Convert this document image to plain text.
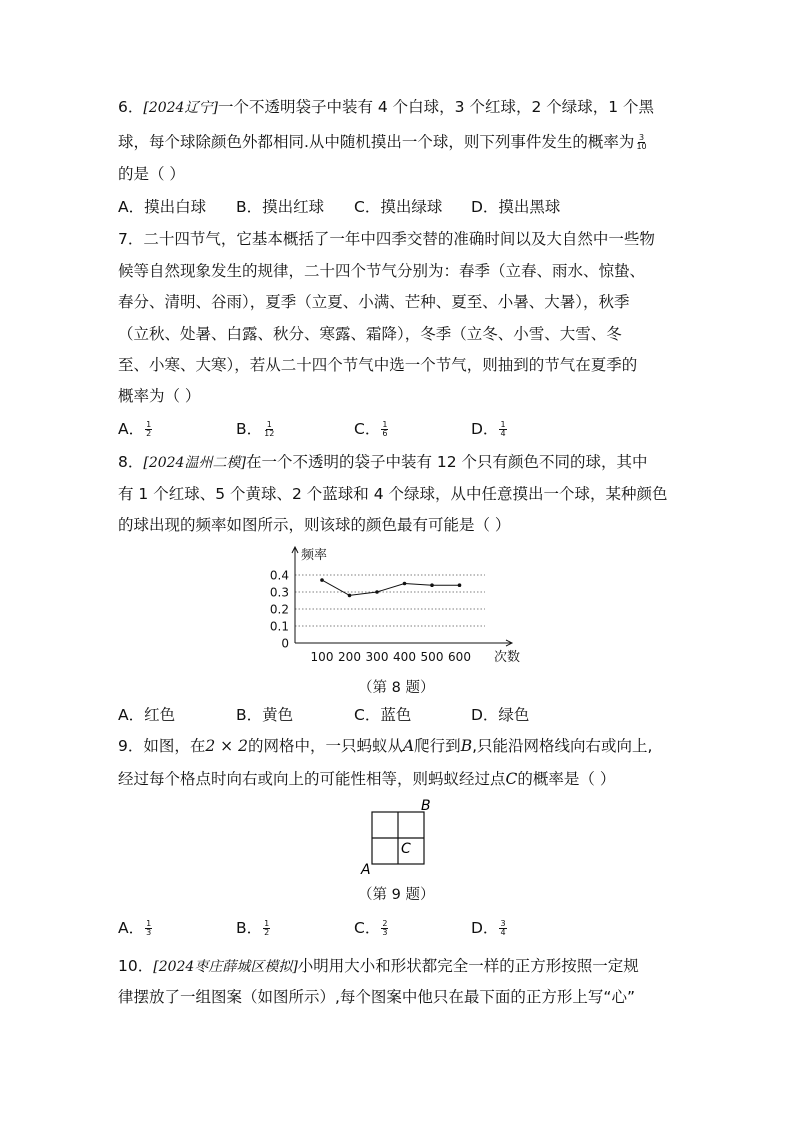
6．[2024辽宁]一个不透明袋子中装有 4 个白球，3 个红球，2 个绿球，1 个黑
球，每个球除颜色外都相同.从中随机摸出一个球，则下列事件发生的概率为 $\frac{3}{10}$
的是（ ）
A．摸出白球 B．摸出红球 C．摸出绿球 D．摸出黑球
7．二十四节气，它基本概括了一年中四季交替的准确时间以及大自然中一些物
候等自然现象发生的规律，二十四个节气分别为：春季（立春、雨水、惊蛰、
春分、清明、谷雨），夏季（立夏、小满、芒种、夏至、小暑、大暑），秋季
（立秋、处暑、白露、秋分、寒露、霜降），冬季（立冬、小雪、大雪、冬
至、小寒、大寒），若从二十四个节气中选一个节气，则抽到的节气在夏季的
概率为（ ）
A． $\frac{1}{2}$	B． $\frac{1}{12}$	C． $\frac{1}{6}$	D． $\frac{1}{4}$
8．[2024温州二模]在一个不透明的袋子中装有 12 个只有颜色不同的球，其中
有 1 个红球、5 个黄球、2 个蓝球和 4 个绿球，从中任意摸出一个球，某种颜色
的球出现的频率如图所示，则该球的颜色最有可能是（ ）
0
0.1
0.2
0.3
0.4
100 200 300 400 500 600
频率
次数
（第 8 题）
A．红色	B．黄色	C．蓝色	D．绿色
9．如图，在2 × 2的网格中，一只蚂蚁从A爬行到B,只能沿网格线向右或向上,
经过每个格点时向右或向上的可能性相等，则蚂蚁经过点C的概率是（ ）
B
C
A
（第 9 题）
A． $\frac{1}{3}$	B． $\frac{1}{2}$	C． $\frac{2}{3}$	D． $\frac{3}{4}$
10．[2024枣庄薛城区模拟]小明用大小和形状都完全一样的正方形按照一定规
律摆放了一组图案（如图所示）,每个图案中他只在最下面的正方形上写“心”
